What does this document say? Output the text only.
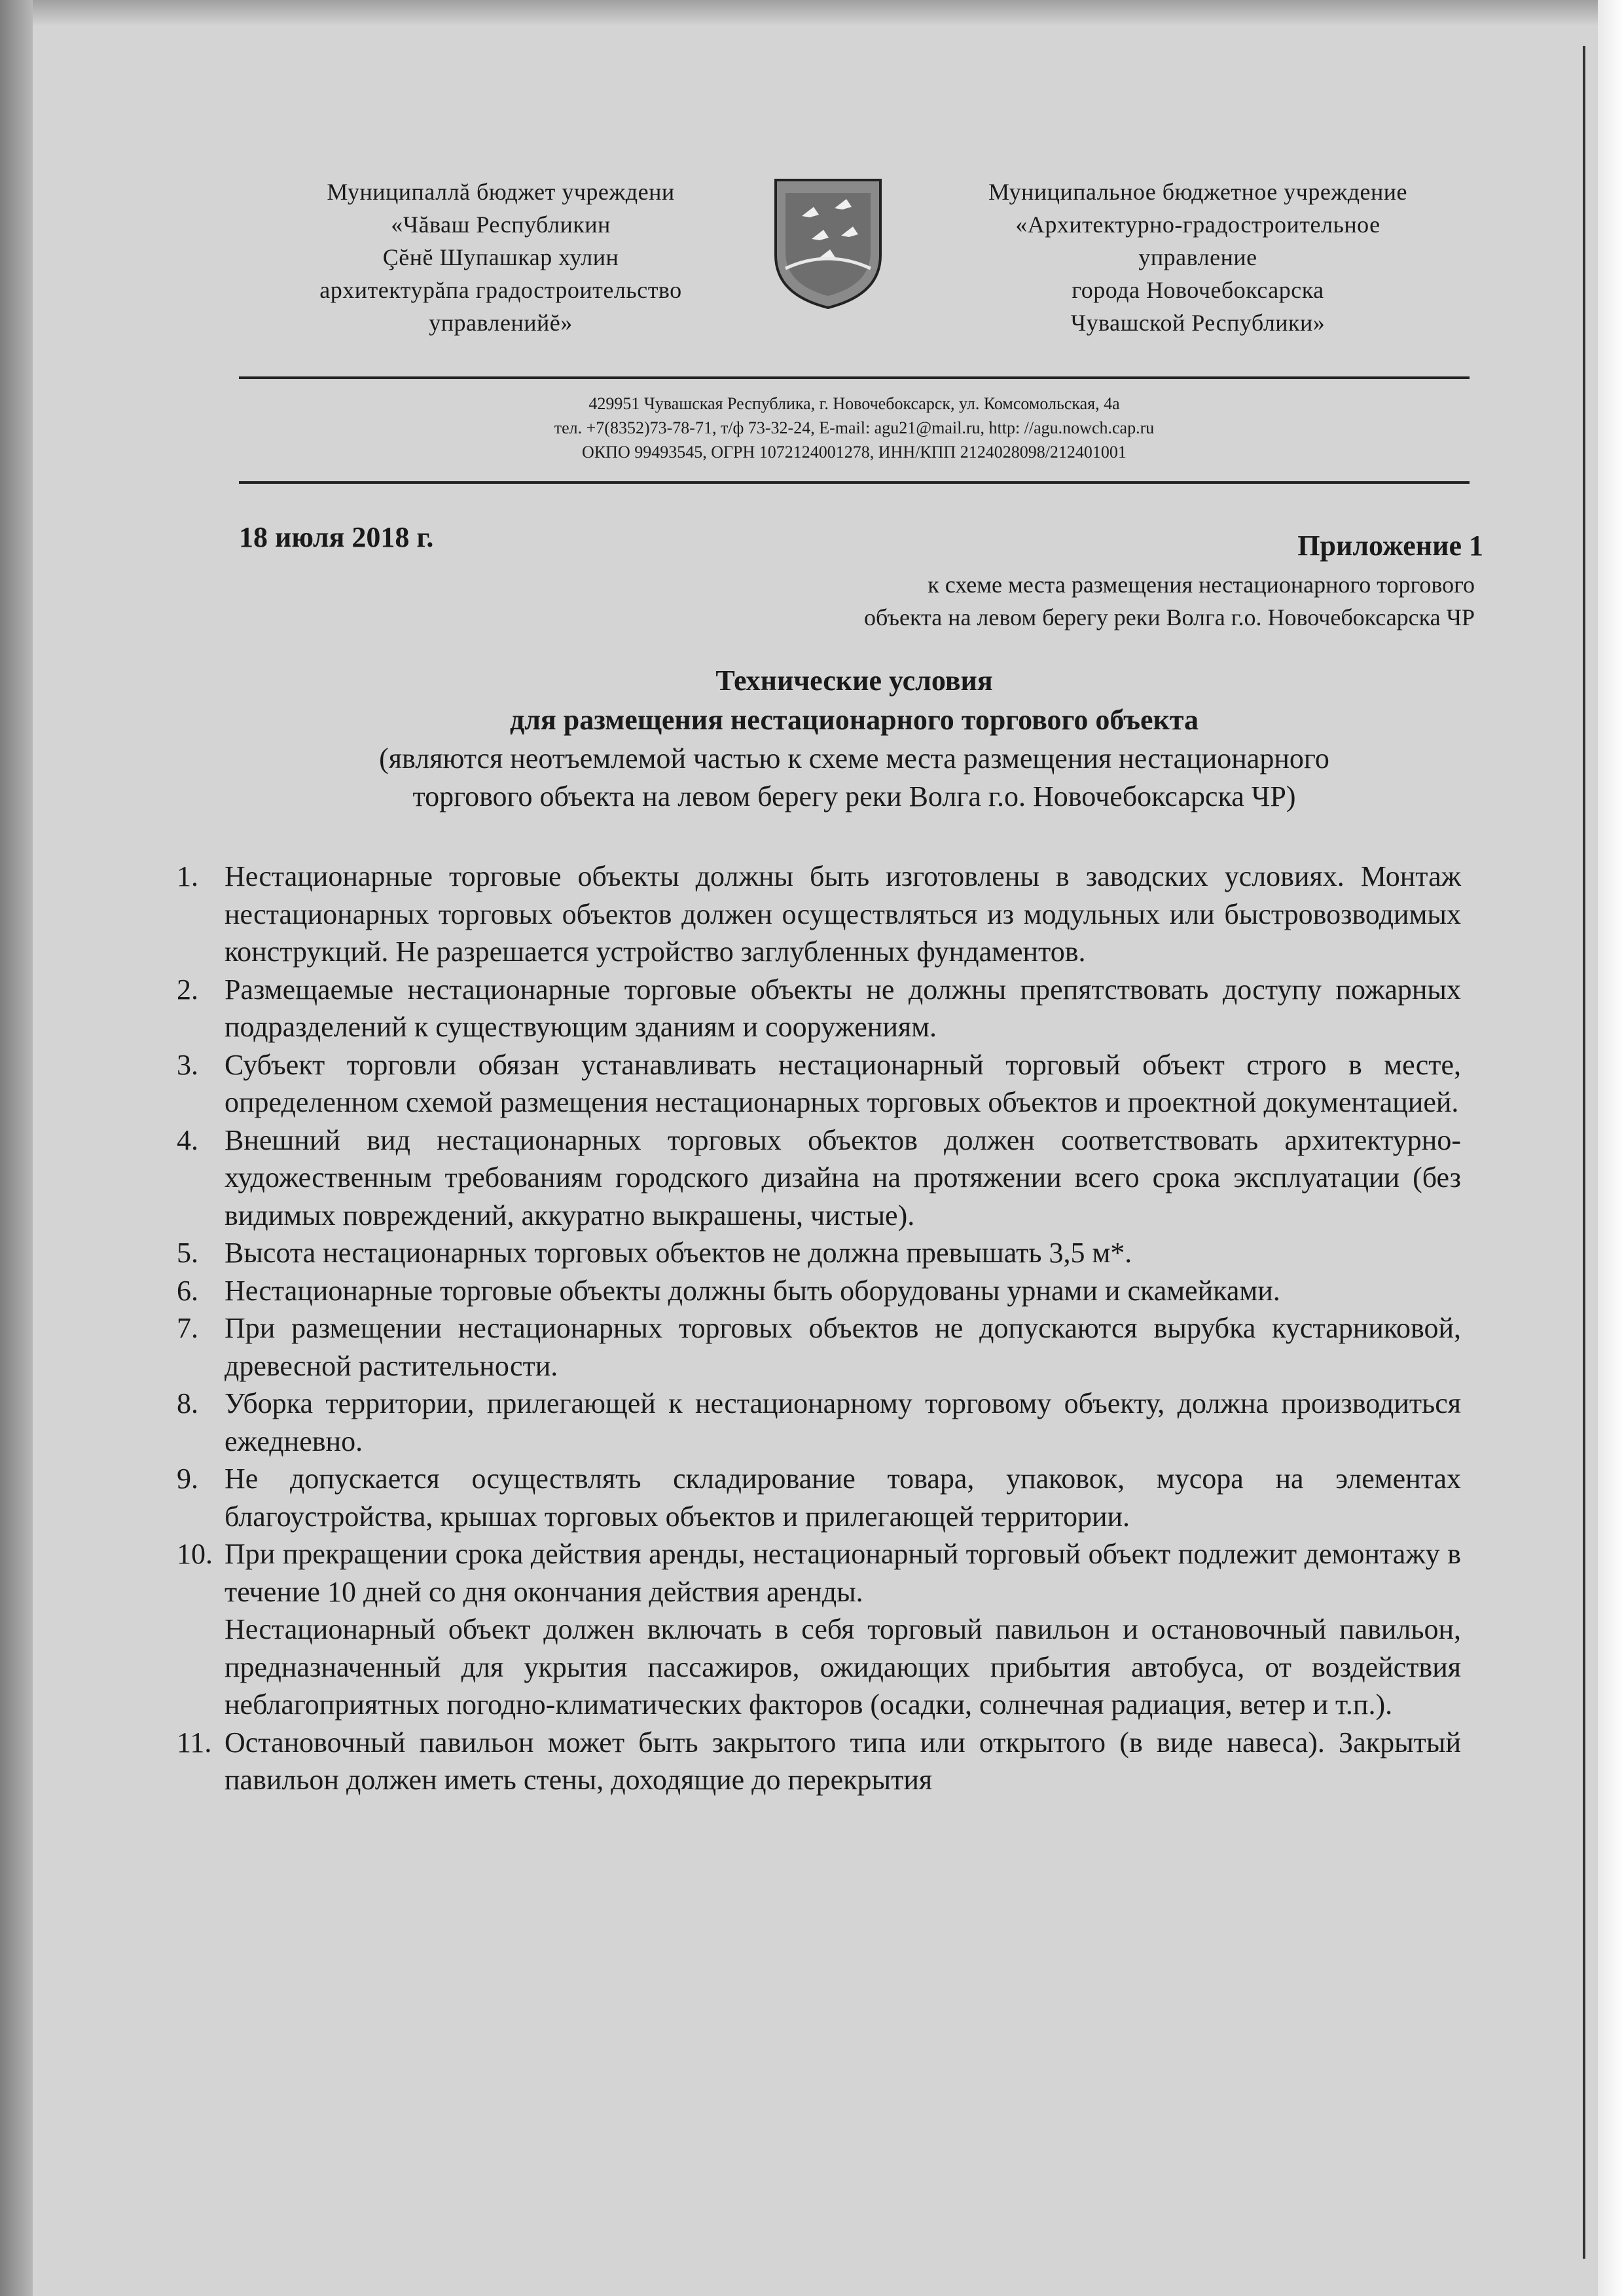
Муниципаллă бюджет учреждени
«Чăваш Республикин
Çĕнĕ Шупашкар хулин
архитектурăпа градостроительство
управленийĕ»
Муниципальное бюджетное учреждение
«Архитектурно-градостроительное
управление
города Новочебоксарска
Чувашской Республики»
429951 Чувашская Республика, г. Новочебоксарск, ул. Комсомольская, 4а
тел. +7(8352)73-78-71, т/ф 73-32-24, E-mail: agu21@mail.ru, http: //agu.nowch.cap.ru
ОКПО 99493545, ОГРН 1072124001278, ИНН/КПП 2124028098/212401001
18 июля 2018 г.	Приложение 1
к схеме места размещения нестационарного торгового
объекта на левом берегу реки Волга г.о. Новочебоксарска ЧР
Технические условия
для размещения нестационарного торгового объекта
(являются неотъемлемой частью к схеме места размещения нестационарного
торгового объекта на левом берегу реки Волга г.о. Новочебоксарска ЧР)
1. Нестационарные торговые объекты должны быть изготовлены в заводских условиях. Монтаж нестационарных торговых объектов должен осуществляться из модульных или быстровозводимых конструкций. Не разрешается устройство заглубленных фундаментов.
2. Размещаемые нестационарные торговые объекты не должны препятствовать доступу пожарных подразделений к существующим зданиям и сооружениям.
3. Субъект торговли обязан устанавливать нестационарный торговый объект строго в месте, определенном схемой размещения нестационарных торговых объектов и проектной документацией.
4. Внешний вид нестационарных торговых объектов должен соответствовать архитектурно-художественным требованиям городского дизайна на протяжении всего срока эксплуатации (без видимых повреждений, аккуратно выкрашены, чистые).
5. Высота нестационарных торговых объектов не должна превышать 3,5 м*.
6. Нестационарные торговые объекты должны быть оборудованы урнами и скамейками.
7. При размещении нестационарных торговых объектов не допускаются вырубка кустарниковой, древесной растительности.
8. Уборка территории, прилегающей к нестационарному торговому объекту, должна производиться ежедневно.
9. Не допускается осуществлять складирование товара, упаковок, мусора на элементах благоустройства, крышах торговых объектов и прилегающей территории.
10. При прекращении срока действия аренды, нестационарный торговый объект подлежит демонтажу в течение 10 дней со дня окончания действия аренды.
Нестационарный объект должен включать в себя торговый павильон и остановочный павильон, предназначенный для укрытия пассажиров, ожидающих прибытия автобуса, от воздействия неблагоприятных погодно-климатических факторов (осадки, солнечная радиация, ветер и т.п.).
11. Остановочный павильон может быть закрытого типа или открытого (в виде навеса). Закрытый павильон должен иметь стены, доходящие до перекрытия
